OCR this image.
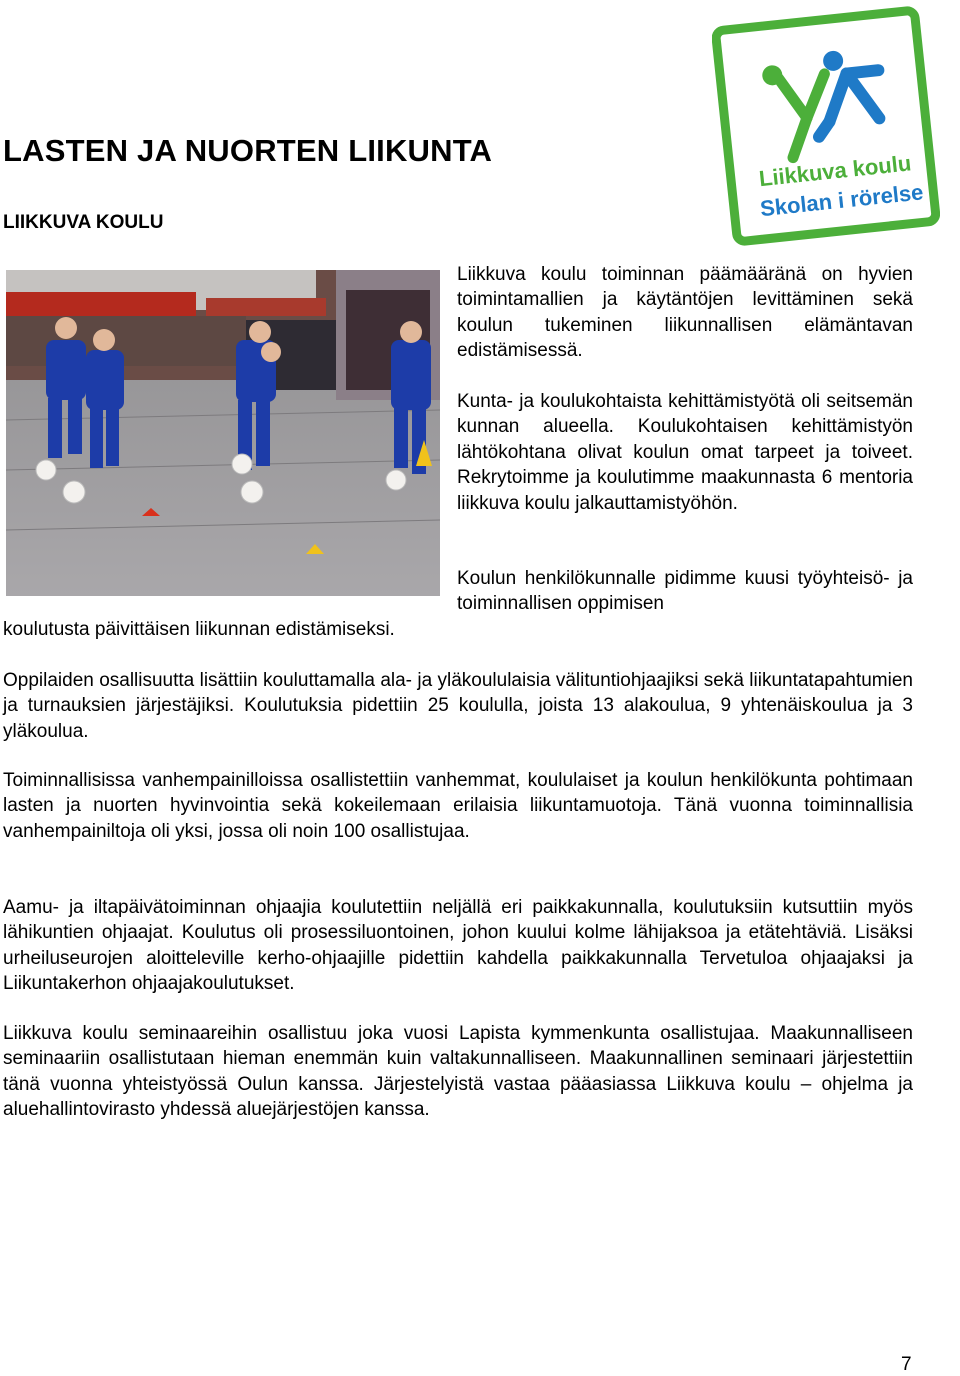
LASTEN JA NUORTEN LIIKUNTA
LIIKKUVA KOULU
Liikkuva koulu
Skolan i rörelse

Liikkuva koulu toiminnan päämääränä on hyvien toimintamallien ja käytäntöjen levittäminen sekä koulun tukeminen liikunnallisen elämäntavan edistämisessä.

Kunta- ja koulukohtaista kehittämistyötä oli seitsemän kunnan alueella. Koulukohtaisen kehittämistyön lähtökohtana olivat koulun omat tarpeet ja toiveet. Rekrytoimme ja koulutimme maakunnasta 6 mentoria liikkuva koulu jalkauttamistyöhön.

Koulun henkilökunnalle pidimme kuusi työyhteisö- ja toiminnallisen oppimisen

koulutusta päivittäisen liikunnan edistämiseksi.

Oppilaiden osallisuutta lisättiin kouluttamalla ala- ja yläkoululaisia välituntiohjaajiksi sekä liikuntatapahtumien ja turnauksien järjestäjiksi. Koulutuksia pidettiin 25 koululla, joista 13 alakoulua, 9 yhtenäiskoulua ja 3 yläkoulua.

Toiminnallisissa vanhempainilloissa osallistettiin vanhemmat, koululaiset ja koulun henkilökunta pohtimaan lasten ja nuorten hyvinvointia sekä kokeilemaan erilaisia liikuntamuotoja. Tänä vuonna toiminnallisia vanhempainiltoja oli yksi, jossa oli noin 100 osallistujaa.

Aamu- ja iltapäivätoiminnan ohjaajia koulutettiin neljällä eri paikkakunnalla, koulutuksiin kutsuttiin myös lähikuntien ohjaajat. Koulutus oli prosessiluontoinen, johon kuului kolme lähijaksoa ja etätehtäviä. Lisäksi urheiluseurojen aloitteleville kerho-ohjaajille pidettiin kahdella paikkakunnalla Tervetuloa ohjaajaksi ja Liikuntakerhon ohjaajakoulutukset.

Liikkuva koulu seminaareihin osallistuu joka vuosi Lapista kymmenkunta osallistujaa. Maakunnalliseen seminaariin osallistutaan hieman enemmän kuin valtakunnalliseen. Maakunnallinen seminaari järjestettiin tänä vuonna yhteistyössä Oulun kanssa. Järjestelyistä vastaa pääasiassa Liikkuva koulu – ohjelma ja aluehallintovirasto yhdessä aluejärjestöjen kanssa.

7
